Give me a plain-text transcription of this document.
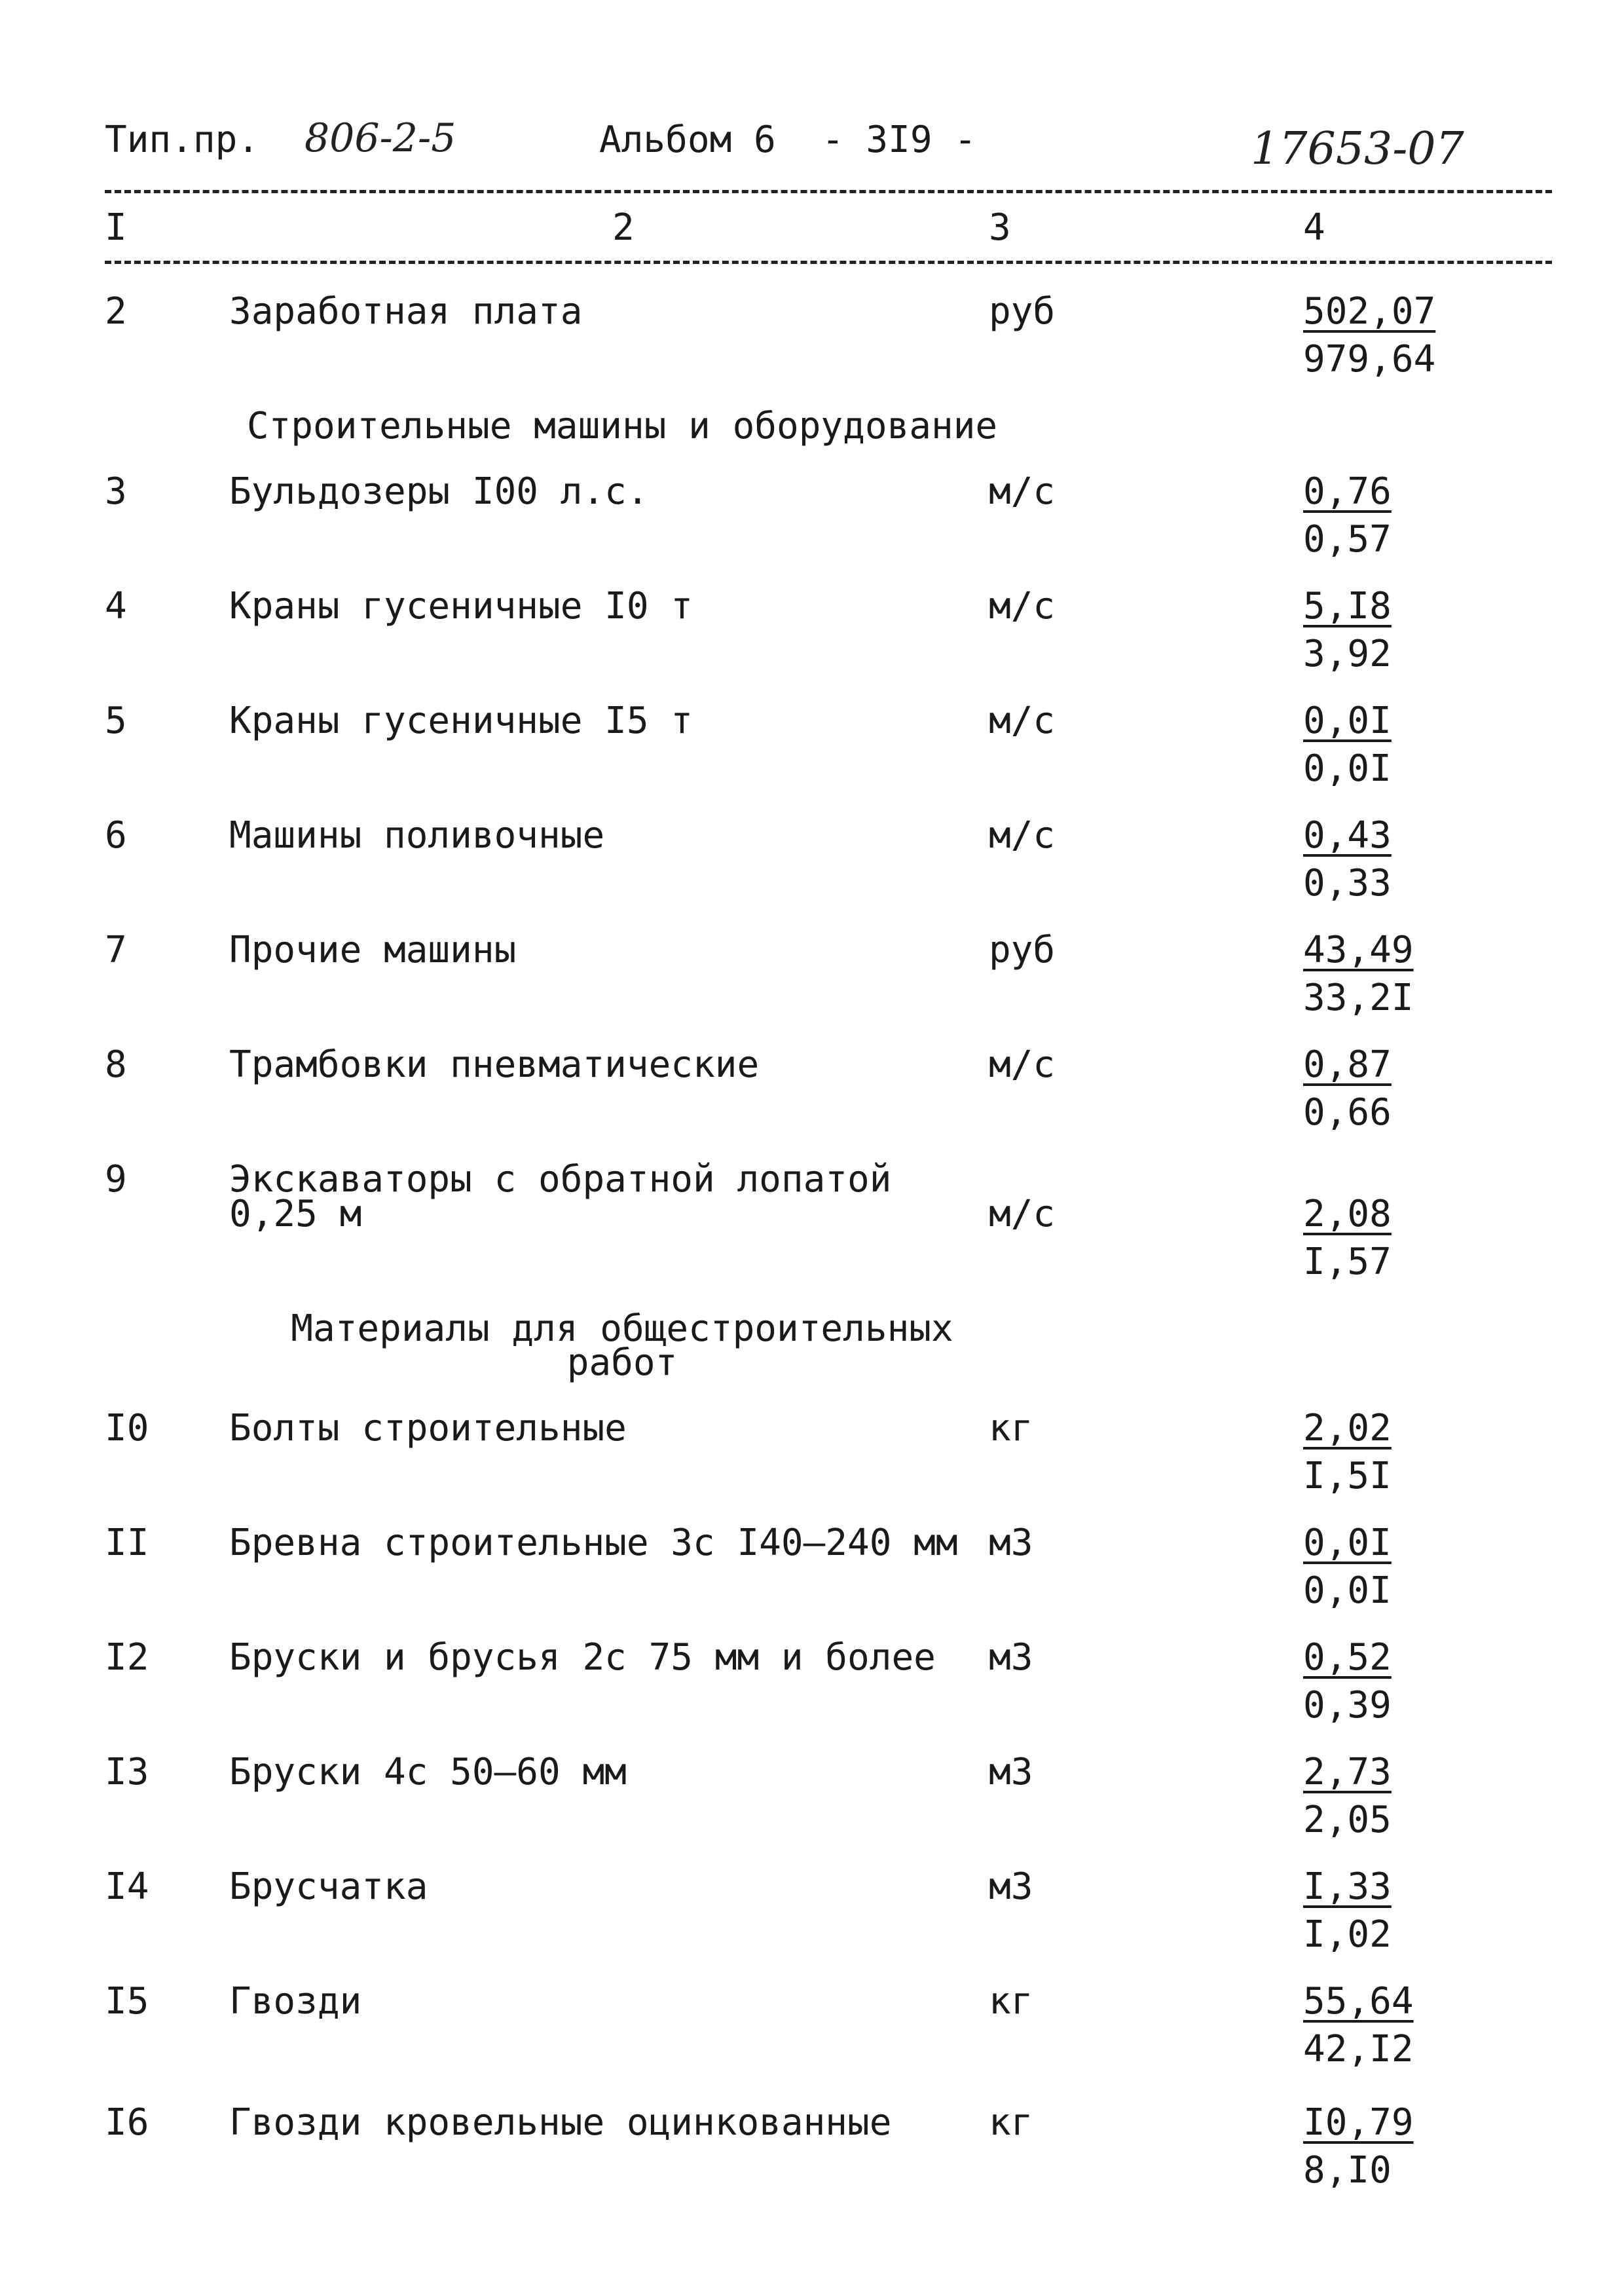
Тип.пр. 806-2-5	Альбом 6 - 3I9 -	17653-07
I	2	3	4
2	Заработная плата	руб	502,07
979,64
Строительные машины и оборудование
3	Бульдозеры I00 л.с.	м/с	0,76
0,57
4	Краны гусеничные I0 т	м/с	5,I8
3,92
5	Краны гусеничные I5 т	м/с	0,0I
0,0I
6	Машины поливочные	м/с	0,43
0,33
7	Прочие машины	руб	43,49
33,2I
8	Трамбовки пневматические	м/с	0,87
0,66
9	Экскаваторы с обратной лопатой
0,25 м	м/с	2,08
I,57
Материалы для общестроительных
работ
I0	Болты строительные	кг	2,02
I,5I
II	Бревна строительные 3с I40–240 мм м3	0,0I
0,0I
I2	Бруски и брусья 2с 75 мм и более м3	0,52
0,39
I3	Бруски 4с 50–60 мм	м3	2,73
2,05
I4	Брусчатка	м3	I,33
I,02
I5	Гвозди	кг	55,64
42,I2
I6	Гвозди кровельные оцинкованные	кг	I0,79
8,I0
